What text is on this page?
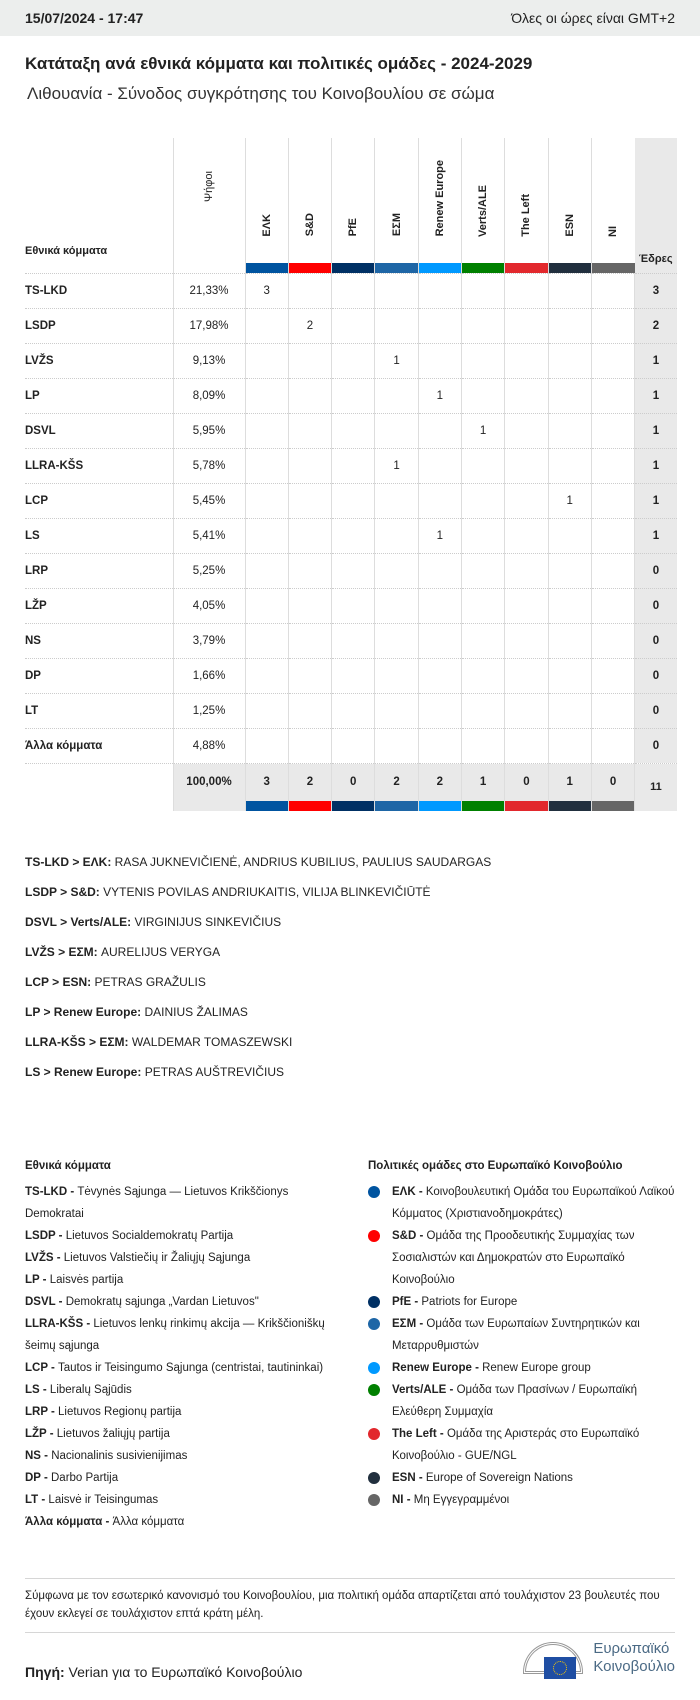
15/07/2024 - 17:47	Όλες οι ώρες είναι GMT+2
Κατάταξη ανά εθνικά κόμματα και πολιτικές ομάδες - 2024-2029
Λιθουανία - Σύνοδος συγκρότησης του Κοινοβουλίου σε σώμα
Εθνικά κόμματα	Ψήφοι	ΕΛΚ	S&D	PfE	ΕΣΜ	Renew Europe	Verts/ALE	The Left	ESN	NI	Έδρες
TS-LKD	21,33%	3									3
LSDP	17,98%		2								2
LVŽS	9,13%				1						1
LP	8,09%					1					1
DSVL	5,95%						1				1
LLRA-KŠS	5,78%				1						1
LCP	5,45%								1		1
LS	5,41%					1					1
LRP	5,25%										0
LŽP	4,05%										0
NS	3,79%										0
DP	1,66%										0
LT	1,25%										0
Άλλα κόμματα	4,88%										0
	100,00%	3	2	0	2	2	1	0	1	0	11
TS-LKD > ΕΛΚ: RASA JUKNEVIČIENĖ, ANDRIUS KUBILIUS, PAULIUS SAUDARGAS
LSDP > S&D: VYTENIS POVILAS ANDRIUKAITIS, VILIJA BLINKEVIČIŪTĖ
DSVL > Verts/ALE: VIRGINIJUS SINKEVIČIUS
LVŽS > ΕΣΜ: AURELIJUS VERYGA
LCP > ESN: PETRAS GRAŽULIS
LP > Renew Europe: DAINIUS ŽALIMAS
LLRA-KŠS > ΕΣΜ: WALDEMAR TOMASZEWSKI
LS > Renew Europe: PETRAS AUŠTREVIČIUS
Εθνικά κόμματα
TS-LKD - Tėvynės Sąjunga — Lietuvos Krikščionys Demokratai
LSDP - Lietuvos Socialdemokratų Partija
LVŽS - Lietuvos Valstiečių ir Žaliųjų Sąjunga
LP - Laisvės partija
DSVL - Demokratų sąjunga „Vardan Lietuvos"
LLRA-KŠS - Lietuvos lenkų rinkimų akcija — Krikščioniškų šeimų sąjunga
LCP - Tautos ir Teisingumo Sąjunga (centristai, tautininkai)
LS - Liberalų Sąjūdis
LRP - Lietuvos Regionų partija
LŽP - Lietuvos žaliųjų partija
NS - Nacionalinis susivienijimas
DP - Darbo Partija
LT - Laisvė ir Teisingumas
Άλλα κόμματα - Άλλα κόμματα
Πολιτικές ομάδες στο Ευρωπαϊκό Κοινοβούλιο
ΕΛΚ - Κοινοβουλευτική Ομάδα του Ευρωπαϊκού Λαϊκού Κόμματος (Χριστιανοδημοκράτες)
S&D - Ομάδα της Προοδευτικής Συμμαχίας των Σοσιαλιστών και Δημοκρατών στο Ευρωπαϊκό Κοινοβούλιο
PfE - Patriots for Europe
ΕΣΜ - Ομάδα των Ευρωπαίων Συντηρητικών και Μεταρρυθμιστών
Renew Europe - Renew Europe group
Verts/ALE - Ομάδα των Πρασίνων / Ευρωπαϊκή Ελεύθερη Συμμαχία
The Left - Ομάδα της Αριστεράς στο Ευρωπαϊκό Κοινοβούλιο - GUE/NGL
ESN - Europe of Sovereign Nations
NI - Μη Εγγεγραμμένοι
Σύμφωνα με τον εσωτερικό κανονισμό του Κοινοβουλίου, μια πολιτική ομάδα απαρτίζεται από τουλάχιστον 23 βουλευτές που έχουν εκλεγεί σε τουλάχιστον επτά κράτη μέλη.
Πηγή: Verian για το Ευρωπαϊκό Κοινοβούλιο
Ευρωπαϊκό
Κοινοβούλιο
